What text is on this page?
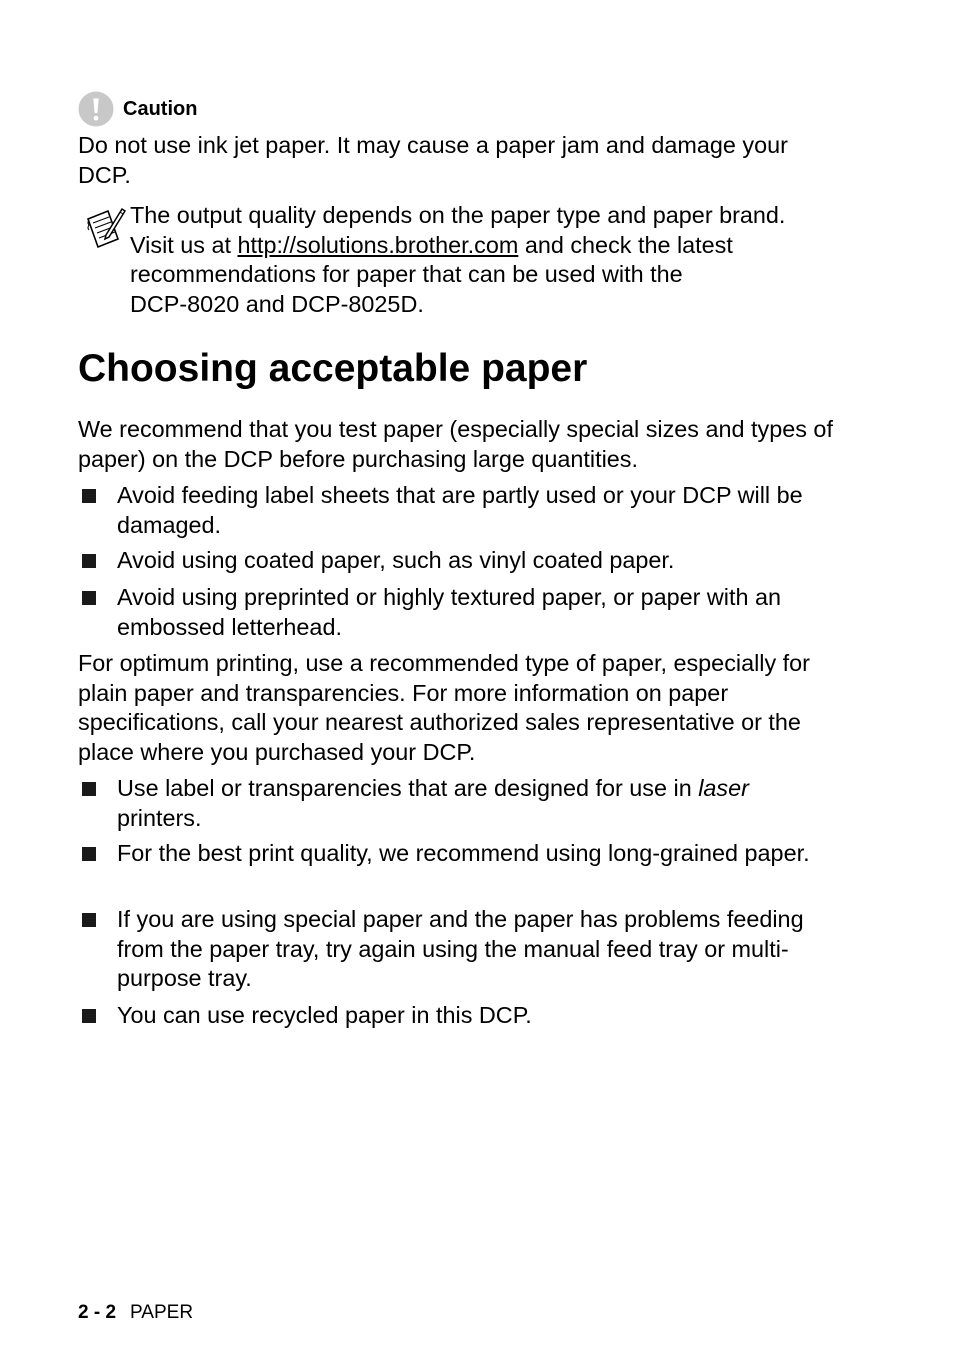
Caution

Do not use ink jet paper. It may cause a paper jam and damage your DCP.

The output quality depends on the paper type and paper brand.
Visit us at http://solutions.brother.com and check the latest
recommendations for paper that can be used with the
DCP-8020 and DCP-8025D.
Choosing acceptable paper

We recommend that you test paper (especially special sizes and types of paper) on the DCP before purchasing large quantities.

Avoid feeding label sheets that are partly used or your DCP will be damaged.
Avoid using coated paper, such as vinyl coated paper.
Avoid using preprinted or highly textured paper, or paper with an embossed letterhead.

For optimum printing, use a recommended type of paper, especially for plain paper and transparencies. For more information on paper specifications, call your nearest authorized sales representative or the place where you purchased your DCP.

Use label or transparencies that are designed for use in laser printers.
For the best print quality, we recommend using long-grained paper.
If you are using special paper and the paper has problems feeding from the paper tray, try again using the manual feed tray or multi-purpose tray.
You can use recycled paper in this DCP.
2 - 2 PAPER
